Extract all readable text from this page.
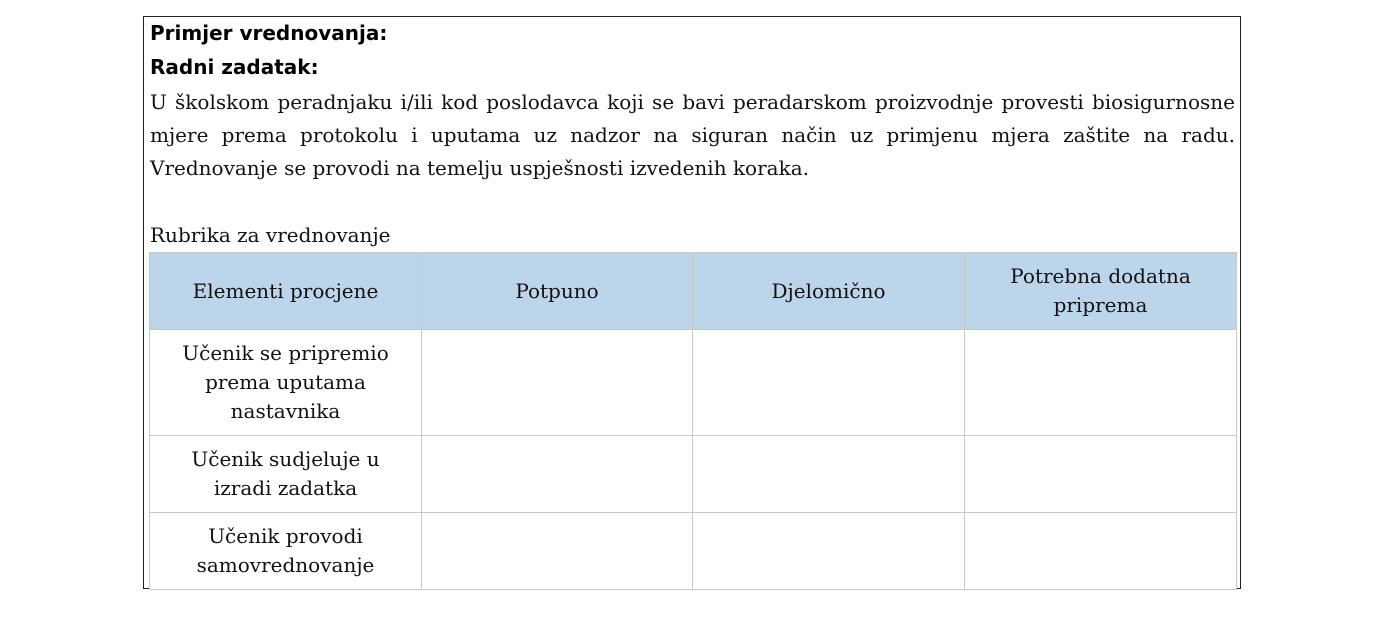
Primjer vrednovanja:
Radni zadatak:

U školskom peradnjaku i/ili kod poslodavca koji se bavi peradarskom proizvodnje provesti biosigurnosne mjere prema protokolu i uputama uz nadzor na siguran način uz primjenu mjera zaštite na radu. Vrednovanje se provodi na temelju uspješnosti izvedenih koraka.

Rubrika za vrednovanje
Elementi procjene	Potpuno	Djelomično	Potrebna dodatna priprema
Učenik se pripremio prema uputama nastavnika			
Učenik sudjeluje u izradi zadatka			
Učenik provodi samovrednovanje			
